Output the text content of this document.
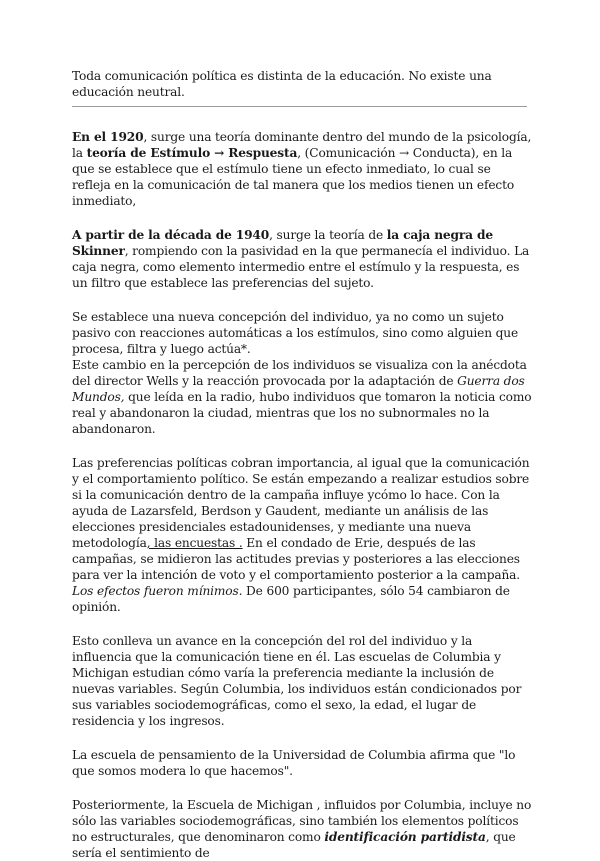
Toda comunicación política es distinta de la educación. No existe una educación neutral.

En el 1920, surge una teoría dominante dentro del mundo de la psicología, la teoría de Estímulo → Respuesta, (Comunicación → Conducta), en la que se establece que el estímulo tiene un efecto inmediato, lo cual se refleja en la comunicación de tal manera que los medios tienen un efecto inmediato,

A partir de la década de 1940, surge la teoría de la caja negra de Skinner, rompiendo con la pasividad en la que permanecía el individuo. La caja negra, como elemento intermedio entre el estímulo y la respuesta, es un filtro que establece las preferencias del sujeto.

Se establece una nueva concepción del individuo, ya no como un sujeto pasivo con reacciones automáticas a los estímulos, sino como alguien que procesa, filtra y luego actúa*.

Este cambio en la percepción de los individuos se visualiza con la anécdota del director Wells y la reacción provocada por la adaptación de Guerra dos Mundos, que leída en la radio, hubo individuos que tomaron la noticia como real y abandonaron la ciudad, mientras que los no subnormales no la abandonaron.

Las preferencias políticas cobran importancia, al igual que la comunicación y el comportamiento político. Se están empezando a realizar estudios sobre si la comunicación dentro de la campaña influye ycómo lo hace. Con la ayuda de Lazarsfeld, Berdson y Gaudent, mediante un análisis de las elecciones presidenciales estadounidenses, y mediante una nueva metodología, las encuestas . En el condado de Erie, después de las campañas, se midieron las actitudes previas y posteriores a las elecciones para ver la intención de voto y el comportamiento posterior a la campaña.

Los efectos fueron mínimos. De 600 participantes, sólo 54 cambiaron de opinión.

Esto conlleva un avance en la concepción del rol del individuo y la influencia que la comunicación tiene en él. Las escuelas de Columbia y Michigan estudian cómo varía la preferencia mediante la inclusión de nuevas variables. Según Columbia, los individuos están condicionados por sus variables sociodemográficas, como el sexo, la edad, el lugar de residencia y los ingresos.

La escuela de pensamiento de la Universidad de Columbia afirma que "lo que somos modera lo que hacemos".

Posteriormente, la Escuela de Michigan , influidos por Columbia, incluye no sólo las variables sociodemográficas, sino también los elementos políticos no estructurales, que denominaron como identificación partidista, que sería el sentimiento de
